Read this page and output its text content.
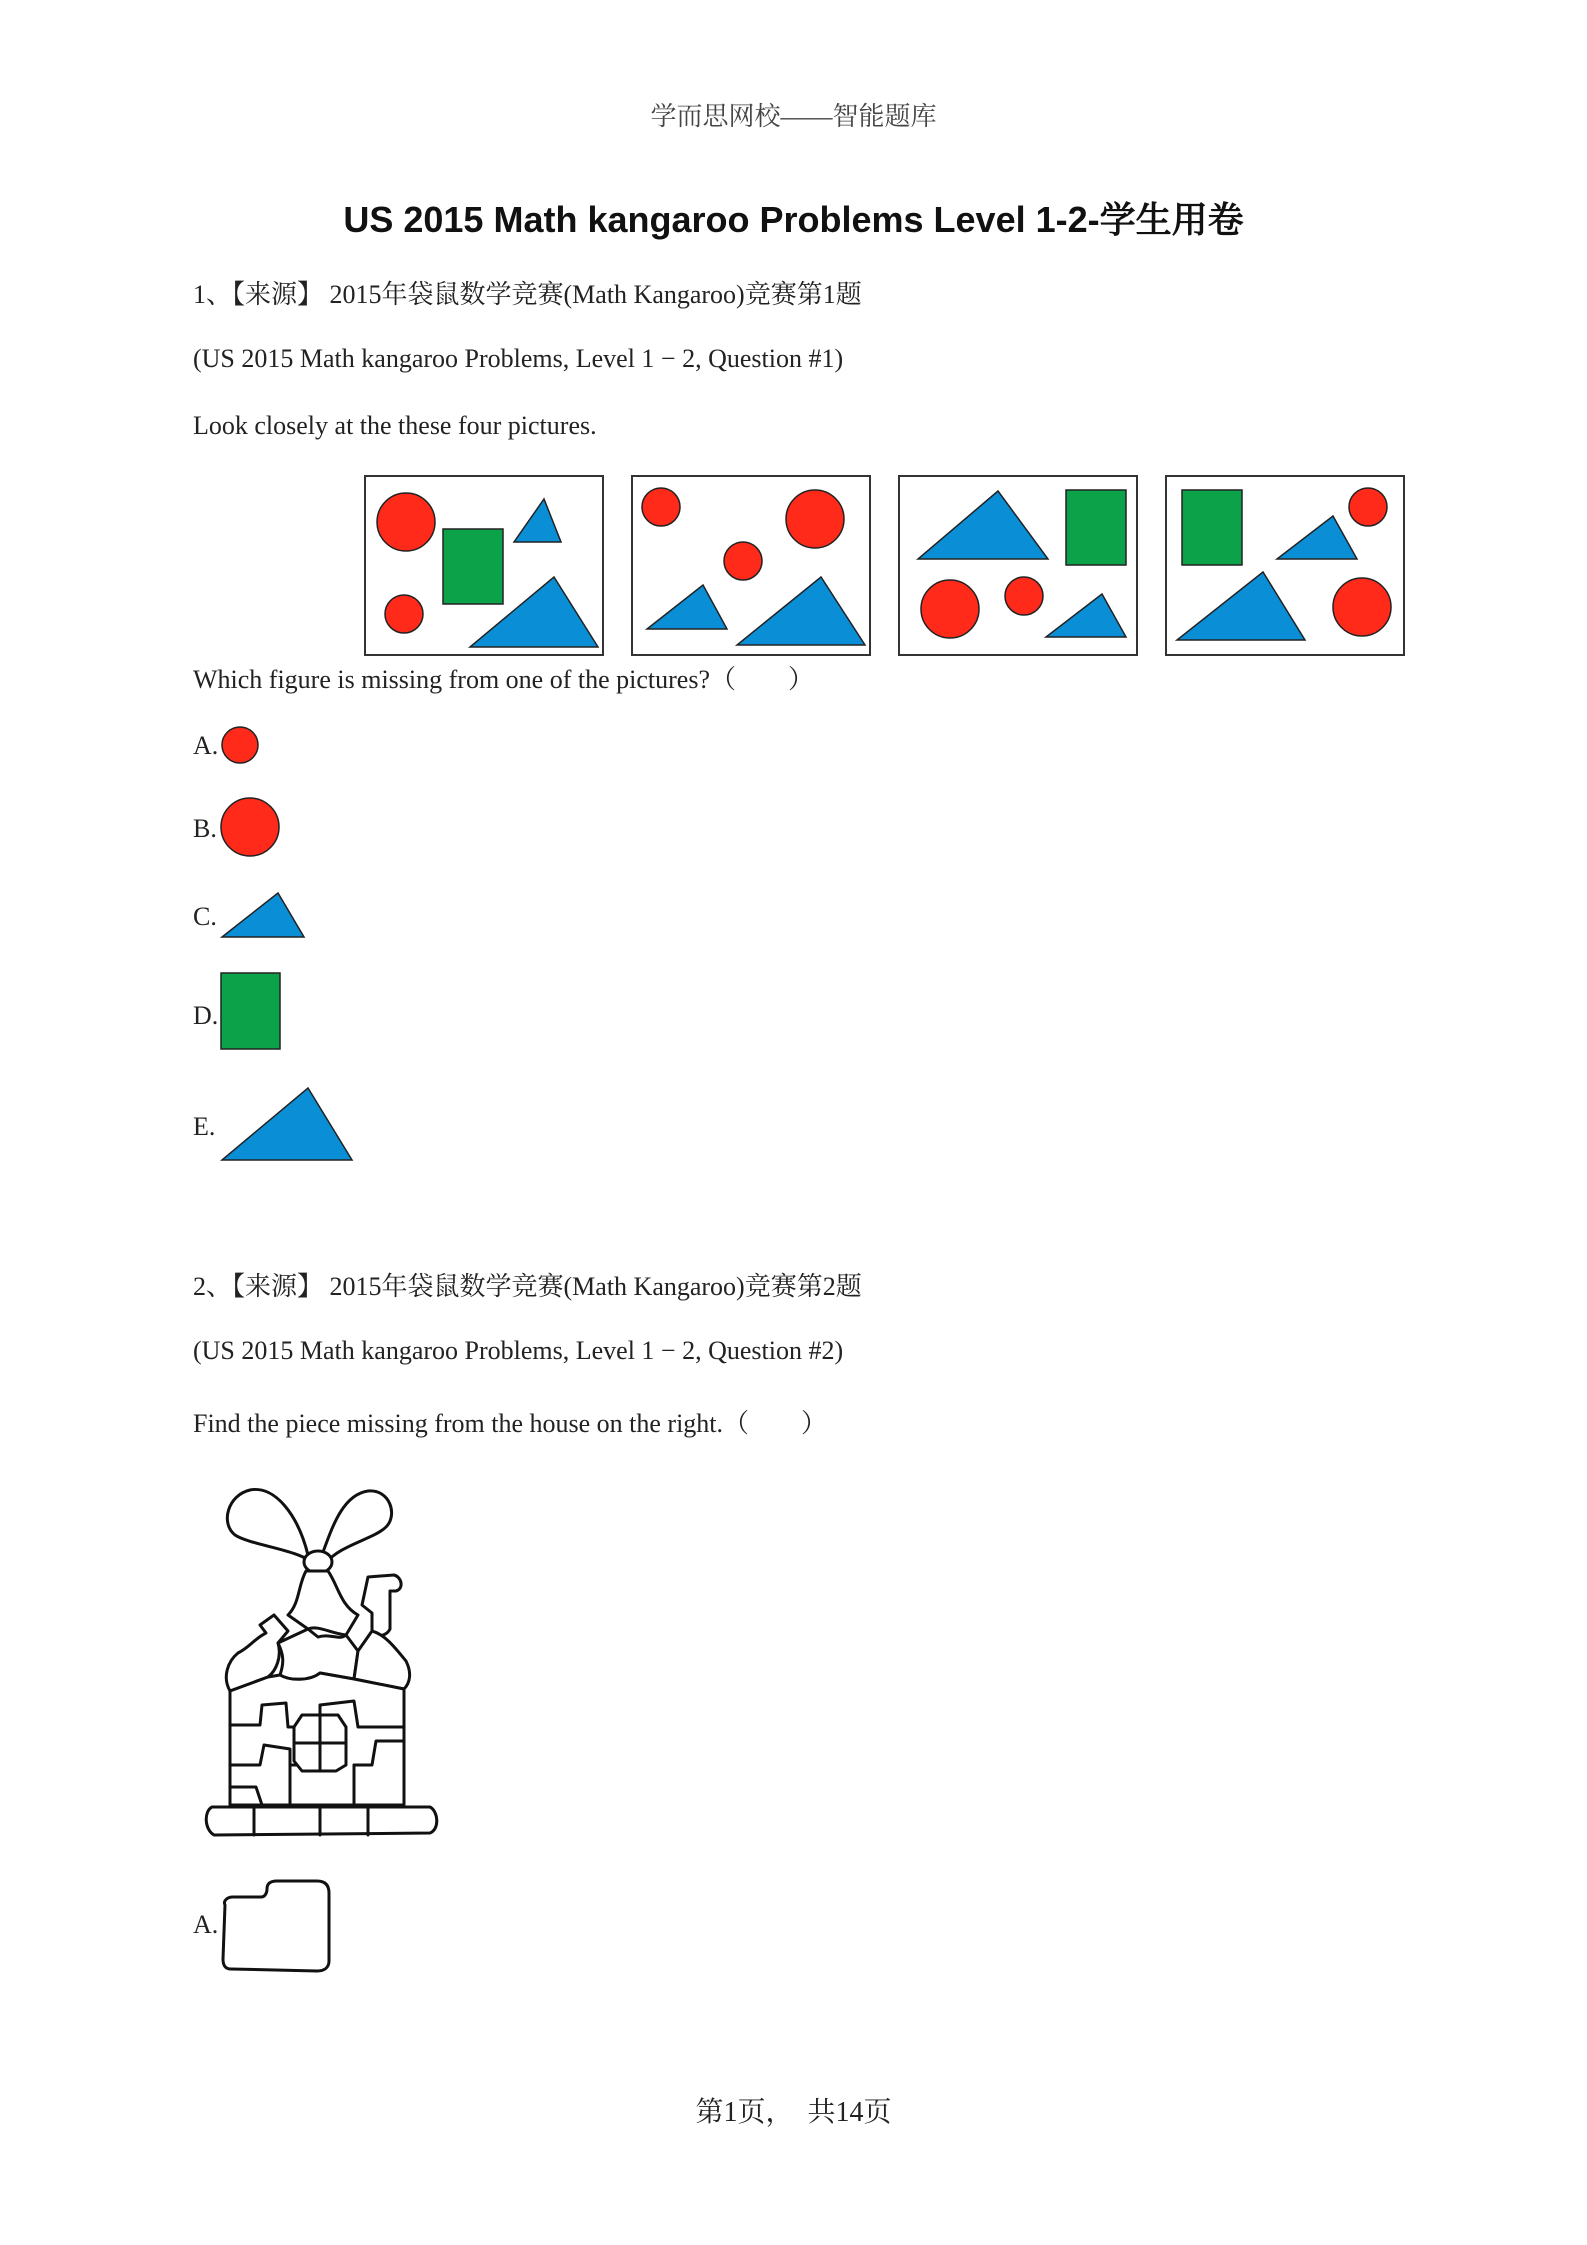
学而思网校——智能题库
US 2015 Math kangaroo Problems Level 1-2-学生用卷
1、【来源】 2015年袋鼠数学竞赛(Math Kangaroo)竞赛第1题
(US 2015 Math kangaroo Problems, Level 1 − 2, Question #1)
Look closely at the these four pictures.
Which figure is missing from one of the pictures?（　　）
A.
B.
C.
D.
E.
2、【来源】 2015年袋鼠数学竞赛(Math Kangaroo)竞赛第2题
(US 2015 Math kangaroo Problems, Level 1 − 2, Question #2)
Find the piece missing from the house on the right.（　　）
A.
第1页，　共14页
